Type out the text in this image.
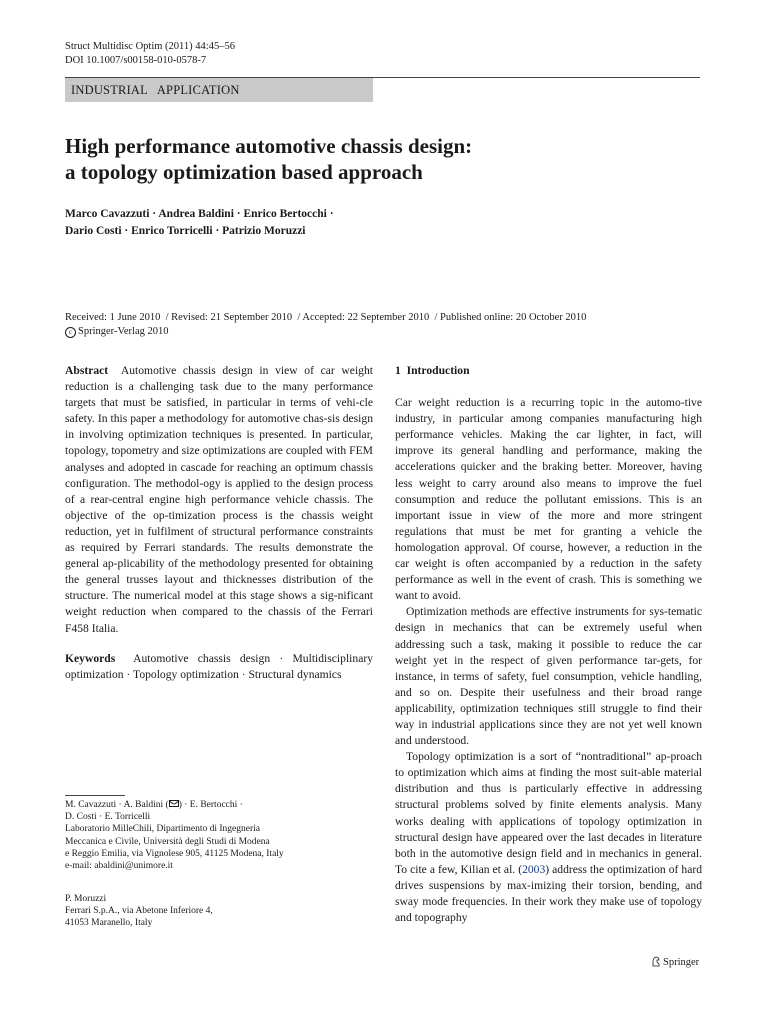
Struct Multidisc Optim (2011) 44:45–56
DOI 10.1007/s00158-010-0578-7
INDUSTRIAL   APPLICATION
High performance automotive chassis design:
a topology optimization based approach
Marco Cavazzuti · Andrea Baldini · Enrico Bertocchi ·
Dario Costi · Enrico Torricelli · Patrizio Moruzzi
Received: 1 June 2010  / Revised: 21 September 2010  / Accepted: 22 September 2010  / Published online: 20 October 2010
c Springer-Verlag 2010

Abstract Automotive chassis design in view of car weight reduction is a challenging task due to the many performance targets that must be satisfied, in particular in terms of vehi-cle safety. In this paper a methodology for automotive chas-sis design in involving optimization techniques is presented. In particular, topology, topometry and size optimizations are coupled with FEM analyses and adopted in cascade for reaching an optimum chassis configuration. The methodol-ogy is applied to the design process of a rear-central engine high performance vehicle chassis. The objective of the op-timization process is the chassis weight reduction, yet in fulfilment of structural performance constraints as required by Ferrari standards. The results demonstrate the general ap-plicability of the methodology presented for obtaining the general trusses layout and thicknesses distribution of the structure. The numerical model at this stage shows a sig-nificant weight reduction when compared to the chassis of the Ferrari F458 Italia.

Keywords Automotive chassis design · Multidisciplinary optimization · Topology optimization · Structural dynamics

M. Cavazzuti · A. Baldini ( ) · E. Bertocchi ·
D. Costi · E. Torricelli
Laboratorio MilleChili, Dipartimento di Ingegneria
Meccanica e Civile, Università degli Studi di Modena
e Reggio Emilia, via Vignolese 905, 41125 Modena, Italy
e-mail: abaldini@unimore.it
P. Moruzzi
Ferrari S.p.A., via Abetone Inferiore 4,
41053 Maranello, Italy

1  Introduction

Car weight reduction is a recurring topic in the automo-tive industry, in particular among companies manufacturing high performance vehicles. Making the car lighter, in fact, will improve its general handling and performance, making the accelerations quicker and the braking better. Moreover, having less weight to carry around also means to improve the fuel consumption and reduce the pollutant emissions. This is an important issue in view of the more and more stringent regulations that must be met for granting a vehicle the homologation approval. Of course, however, a reduction in the car weight is often accompanied by a reduction in the safety performance as well in the event of crash. This is something we want to avoid.

Optimization methods are effective instruments for sys-tematic design in mechanics that can be extremely useful when addressing such a task, making it possible to reduce the car weight yet in the respect of given performance tar-gets, for instance, in terms of safety, fuel consumption, vehicle handling, and so on. Despite their usefulness and their broad range applicability, optimization techniques still struggle to find their way in industrial applications since they are not yet well known and understood.

Topology optimization is a sort of “nontraditional” ap-proach to optimization which aims at finding the most suit-able material distribution and thus is particularly effective in addressing structural problems solved by finite elements analysis. Many works dealing with applications of topology optimization in structural design have appeared over the last decades in literature both in the automotive design field and in mechanics in general. To cite a few, Kilian et al. (2003) address the optimization of hard drives suspensions by max-imizing their torsion, bending, and sway mode frequencies. In their work they make use of topology and topography

Springer
